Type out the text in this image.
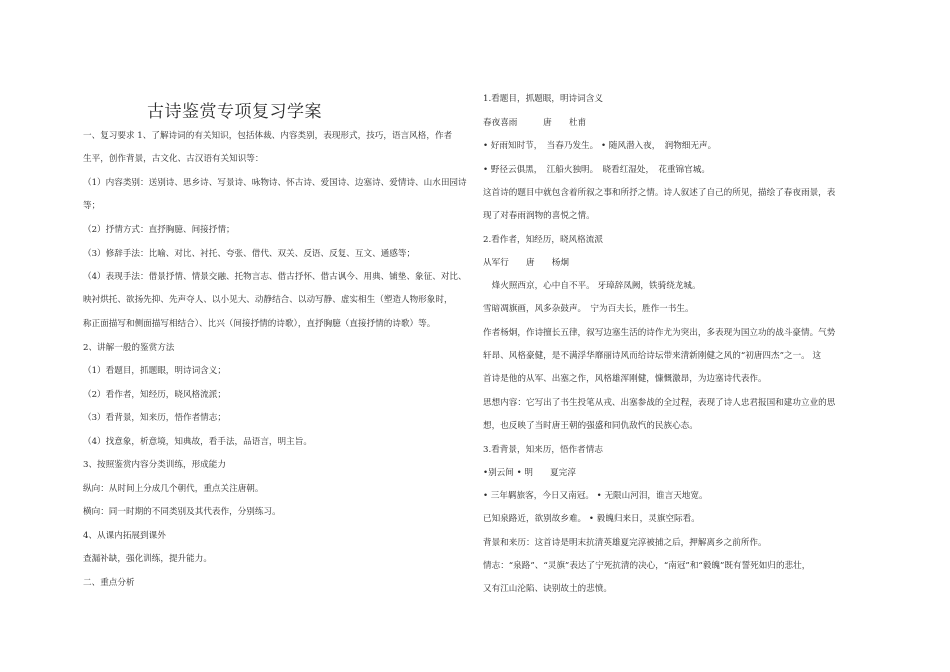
古诗鉴赏专项复习学案
一、复习要求 1、了解诗词的有关知识，包括体裁、内容类别，表现形式，技巧，语言风格，作者
生平，创作背景，古文化、古汉语有关知识等：
（1）内容类别：送别诗、思乡诗、写景诗、咏物诗、怀古诗、爱国诗、边塞诗、爱情诗、山水田园诗
等；
（2）抒情方式：直抒胸臆、间接抒情；
（3）修辞手法：比喻、对比、衬托、夸张、借代、双关、反语、反复、互文、通感等；
（4）表现手法：借景抒情、情景交融、托物言志、借古抒怀、借古讽今、用典、铺垫、象征、对比、
映衬烘托、欲扬先抑、先声夺人、以小见大、动静结合、以动写静、虚实相生（塑造人物形象时，
称正面描写和侧面描写相结合）、比兴（间接抒情的诗歌），直抒胸臆（直接抒情的诗歌）等。
2、讲解一般的鉴赏方法
（1）看题目，抓题眼，明诗词含义；
（2）看作者，知经历，晓风格流派；
（3）看背景，知来历，悟作者情志；
（4）找意象，析意境，知典故，看手法，品语言，明主旨。
3、按照鉴赏内容分类训练，形成能力
纵向：从时间上分成几个朝代，重点关注唐朝。
横向：同一时期的不同类别及其代表作，分别练习。
4、从课内拓展到课外
查漏补缺，强化训练，提升能力。
二、重点分析
1.看题目，抓题眼，明诗词含义
春夜喜雨　　　唐　　杜甫
• 好雨知时节，　当春乃发生。 • 随风潜入夜，　润物细无声。
• 野径云俱黑，　江船火独明。　晓看红湿处，　花重锦官城。
这首诗的题目中就包含着所叙之事和所抒之情。诗人叙述了自己的所见，描绘了春夜雨景，表
现了对春雨润物的喜悦之情。
2.看作者，知经历，晓风格流派
从军行　　唐　　杨炯
　烽火照西京，心中自不平。 牙璋辞凤阙，铁骑绕龙城。
雪暗凋旗画，风多杂鼓声。　宁为百夫长，胜作一书生。
作者杨炯，作诗擅长五律，叙写边塞生活的诗作尤为突出，多表现为国立功的战斗豪情。气势
轩昂、风格豪健，是不满浮华靡丽诗风而给诗坛带来清新刚健之风的“初唐四杰”之一。 这
首诗是他的从军、出塞之作，风格雄浑刚健，慷慨激昂，为边塞诗代表作。
思想内容：它写出了书生投笔从戎、出塞参战的全过程，表现了诗人忠君报国和建功立业的思
想，也反映了当时唐王朝的强盛和同仇敌忾的民族心态。
3.看背景，知来历，悟作者情志
•别云间 • 明　　夏完淳
• 三年羁旅客，今日又南冠。 • 无限山河泪，谁言天地宽。
已知泉路近，欲别故乡难。 • 毅魄归来日，灵旗空际看。
背景和来历：这首诗是明末抗清英雄夏完淳被捕之后，押解离乡之前所作。
情志：“泉路”、“灵旗”表达了宁死抗清的决心，“南冠”和“毅魄”既有誓死如归的悲壮，
又有江山沦陷、诀别故土的悲愤。
